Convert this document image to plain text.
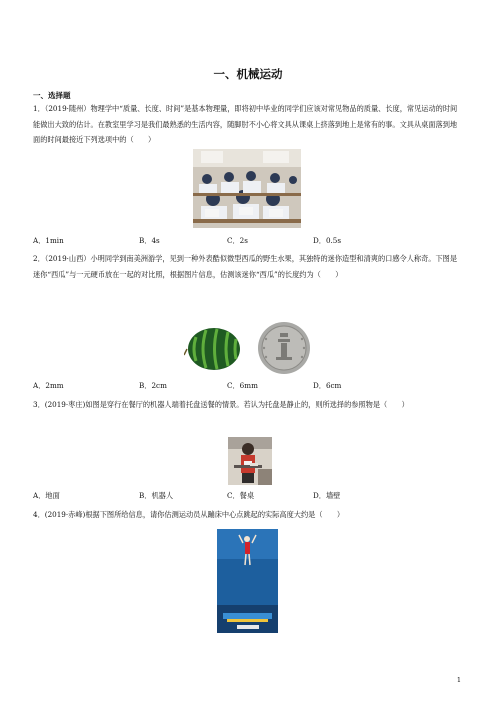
一、机械运动
一、选择题

1．（2019·随州）物理学中“质量、长度、时间”是基本物理量，即将初中毕业的同学们应该对常见物品的质量、长度，常见运动的时间能做出大致的估计。在教室里学习是我们最熟悉的生活内容，随脚肘不小心将文具从课桌上挤落到地上是常有的事。文具从桌面落到地面的时间最接近下列选项中的（　　）

A．1min	B．4s	C．2s	D．0.5s

2．（2019·山西）小明同学到南美洲游学，见到一种外表酷似微型西瓜的野生水果，其独特的迷你造型和清爽的口感令人称奇。下图是迷你“西瓜”与一元硬币放在一起的对比照，根据图片信息，估测该迷你“西瓜”的长度约为（　　）

A．2mm	B．2cm	C．6mm	D．6cm

3．(2019·枣庄)如图是穿行在餐厅的机器人端着托盘送餐的情景。若认为托盘是静止的，则所选择的参照物是（　　）

A．地面	B．机器人	C．餐桌	D．墙壁

4．(2019·赤峰)根据下图所给信息，请你估测运动员从蹦床中心点跳起的实际高度大约是（　　）

1
